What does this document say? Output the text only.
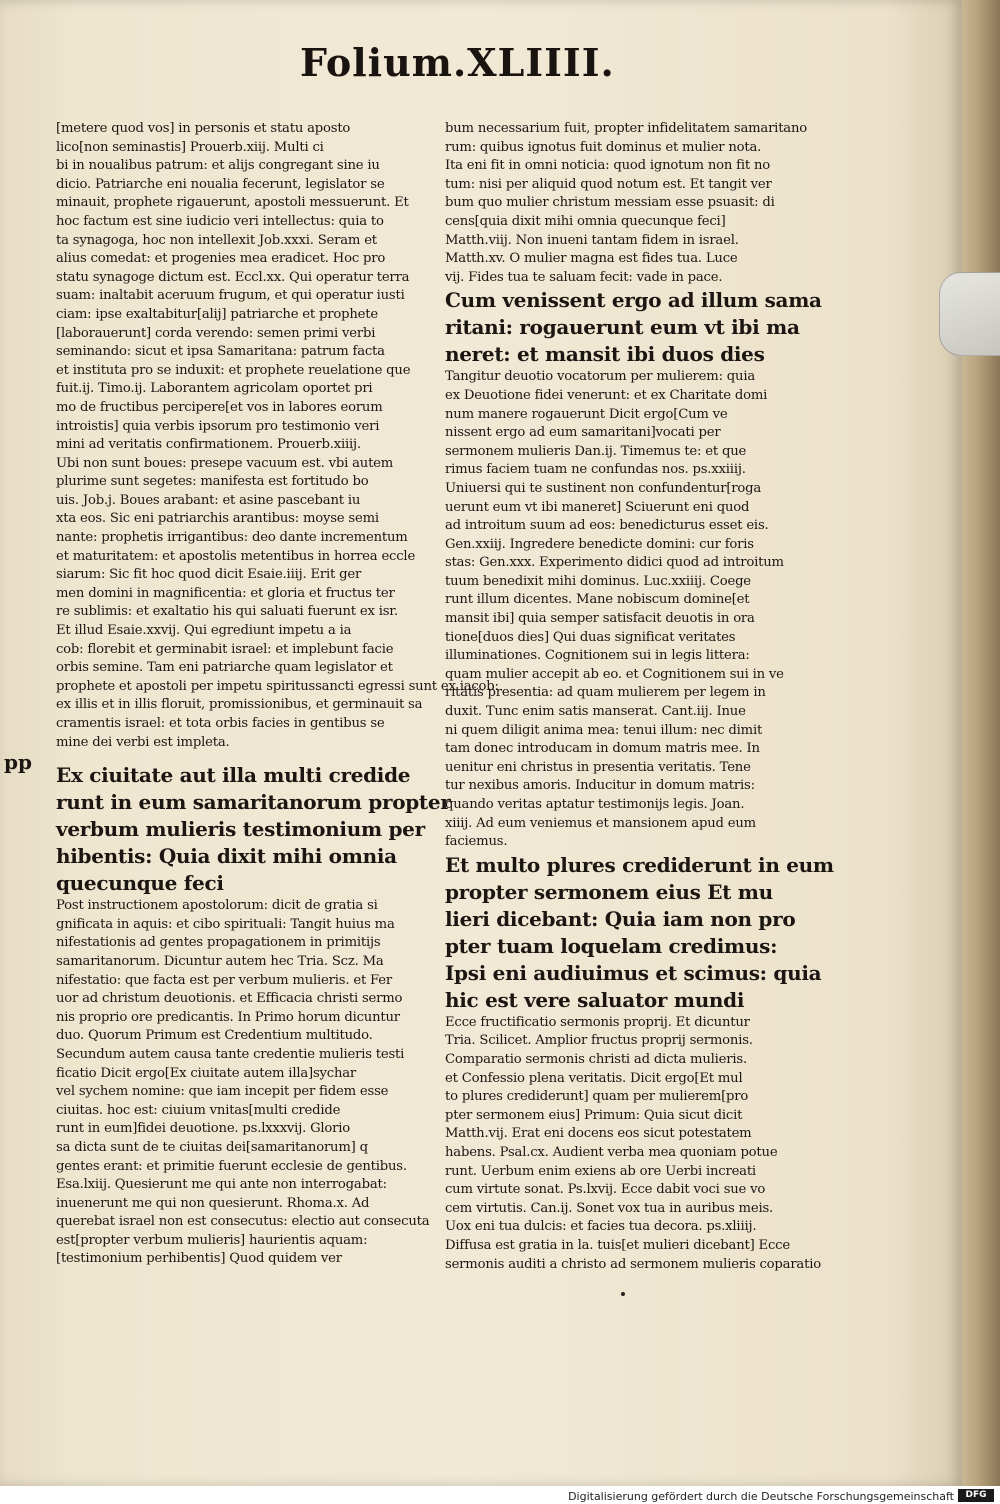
Folium.XLIIII.
pp
[metere quod vos] in personis et statu aposto
lico[non seminastis] Prouerb.xiij. Multi ci
bi in noualibus patrum: et alijs congregant sine iu
dicio. Patriarche eni noualia fecerunt, legislator se
minauit, prophete rigauerunt, apostoli messuerunt. Et
hoc factum est sine iudicio veri intellectus: quia to
ta synagoga, hoc non intellexit Job.xxxi. Seram et
alius comedat: et progenies mea eradicet. Hoc pro
statu synagoge dictum est. Eccl.xx. Qui operatur terra
suam: inaltabit aceruum frugum, et qui operatur iusti
ciam: ipse exaltabitur[alij] patriarche et prophete
[laborauerunt] corda verendo: semen primi verbi
seminando: sicut et ipsa Samaritana: patrum facta
et instituta pro se induxit: et prophete reuelatione que
fuit.ij. Timo.ij. Laborantem agricolam oportet pri
mo de fructibus percipere[et vos in labores eorum
introistis] quia verbis ipsorum pro testimonio veri
mini ad veritatis confirmationem. Prouerb.xiiij.
Ubi non sunt boues: presepe vacuum est. vbi autem
plurime sunt segetes: manifesta est fortitudo bo
uis. Job.j. Boues arabant: et asine pascebant iu
xta eos. Sic eni patriarchis arantibus: moyse semi
nante: prophetis irrigantibus: deo dante incrementum
et maturitatem: et apostolis metentibus in horrea eccle
siarum: Sic fit hoc quod dicit Esaie.iiij. Erit ger
men domini in magnificentia: et gloria et fructus ter
re sublimis: et exaltatio his qui saluati fuerunt ex isr.
Et illud Esaie.xxvij. Qui egrediunt impetu a ia
cob: florebit et germinabit israel: et implebunt facie
orbis semine. Tam eni patriarche quam legislator et
prophete et apostoli per impetu spiritussancti egressi sunt ex iacob:
ex illis et in illis floruit, promissionibus, et germinauit sa
cramentis israel: et tota orbis facies in gentibus se
mine dei verbi est impleta.
Ex ciuitate aut illa multi credide
runt in eum samaritanorum propter
verbum mulieris testimonium per
hibentis: Quia dixit mihi omnia
quecunque feci
Post instructionem apostolorum: dicit de gratia si
gnificata in aquis: et cibo spirituali: Tangit huius ma
nifestationis ad gentes propagationem in primitijs
samaritanorum. Dicuntur autem hec Tria. Scz. Ma
nifestatio: que facta est per verbum mulieris. et Fer
uor ad christum deuotionis. et Efficacia christi sermo
nis proprio ore predicantis. In Primo horum dicuntur
duo. Quorum Primum est Credentium multitudo.
Secundum autem causa tante credentie mulieris testi
ficatio Dicit ergo[Ex ciuitate autem illa]sychar
vel sychem nomine: que iam incepit per fidem esse
ciuitas. hoc est: ciuium vnitas[multi credide
runt in eum]fidei deuotione. ps.lxxxvij. Glorio
sa dicta sunt de te ciuitas dei[samaritanorum] q
gentes erant: et primitie fuerunt ecclesie de gentibus.
Esa.lxiij. Quesierunt me qui ante non interrogabat:
inuenerunt me qui non quesierunt. Rhoma.x. Ad
querebat israel non est consecutus: electio aut consecuta
est[propter verbum mulieris] haurientis aquam:
[testimonium perhibentis] Quod quidem ver
bum necessarium fuit, propter infidelitatem samaritano
rum: quibus ignotus fuit dominus et mulier nota.
Ita eni fit in omni noticia: quod ignotum non fit no
tum: nisi per aliquid quod notum est. Et tangit ver
bum quo mulier christum messiam esse psuasit: di
cens[quia dixit mihi omnia quecunque feci]
Matth.viij. Non inueni tantam fidem in israel.
Matth.xv. O mulier magna est fides tua. Luce
vij. Fides tua te saluam fecit: vade in pace.
Cum venissent ergo ad illum sama
ritani: rogauerunt eum vt ibi ma
neret: et mansit ibi duos dies
Tangitur deuotio vocatorum per mulierem: quia
ex Deuotione fidei venerunt: et ex Charitate domi
num manere rogauerunt Dicit ergo[Cum ve
nissent ergo ad eum samaritani]vocati per
sermonem mulieris Dan.ij. Timemus te: et que
rimus faciem tuam ne confundas nos. ps.xxiiij.
Uniuersi qui te sustinent non confundentur[roga
uerunt eum vt ibi maneret] Sciuerunt eni quod
ad introitum suum ad eos: benedicturus esset eis.
Gen.xxiij. Ingredere benedicte domini: cur foris
stas: Gen.xxx. Experimento didici quod ad introitum
tuum benedixit mihi dominus. Luc.xxiiij. Coege
runt illum dicentes. Mane nobiscum domine[et
mansit ibi] quia semper satisfacit deuotis in ora
tione[duos dies] Qui duas significat veritates
illuminationes. Cognitionem sui in legis littera:
quam mulier accepit ab eo. et Cognitionem sui in ve
ritatis presentia: ad quam mulierem per legem in
duxit. Tunc enim satis manserat. Cant.iij. Inue
ni quem diligit anima mea: tenui illum: nec dimit
tam donec introducam in domum matris mee. In
uenitur eni christus in presentia veritatis. Tene
tur nexibus amoris. Inducitur in domum matris:
quando veritas aptatur testimonijs legis. Joan.
xiiij. Ad eum veniemus et mansionem apud eum
faciemus.
Et multo plures crediderunt in eum
propter sermonem eius Et mu
lieri dicebant: Quia iam non pro
pter tuam loquelam credimus:
Ipsi eni audiuimus et scimus: quia
hic est vere saluator mundi
Ecce fructificatio sermonis proprij. Et dicuntur
Tria. Scilicet. Amplior fructus proprij sermonis.
Comparatio sermonis christi ad dicta mulieris.
et Confessio plena veritatis. Dicit ergo[Et mul
to plures crediderunt] quam per mulierem[pro
pter sermonem eius] Primum: Quia sicut dicit
Matth.vij. Erat eni docens eos sicut potestatem
habens. Psal.cx. Audient verba mea quoniam potue
runt. Uerbum enim exiens ab ore Uerbi increati
cum virtute sonat. Ps.lxvij. Ecce dabit voci sue vo
cem virtutis. Can.ij. Sonet vox tua in auribus meis.
Uox eni tua dulcis: et facies tua decora. ps.xliiij.
Diffusa est gratia in la. tuis[et mulieri dicebant] Ecce
sermonis auditi a christo ad sermonem mulieris coparatio
Digitalisierung gefördert durch die Deutsche Forschungsgemeinschaft	DFG
